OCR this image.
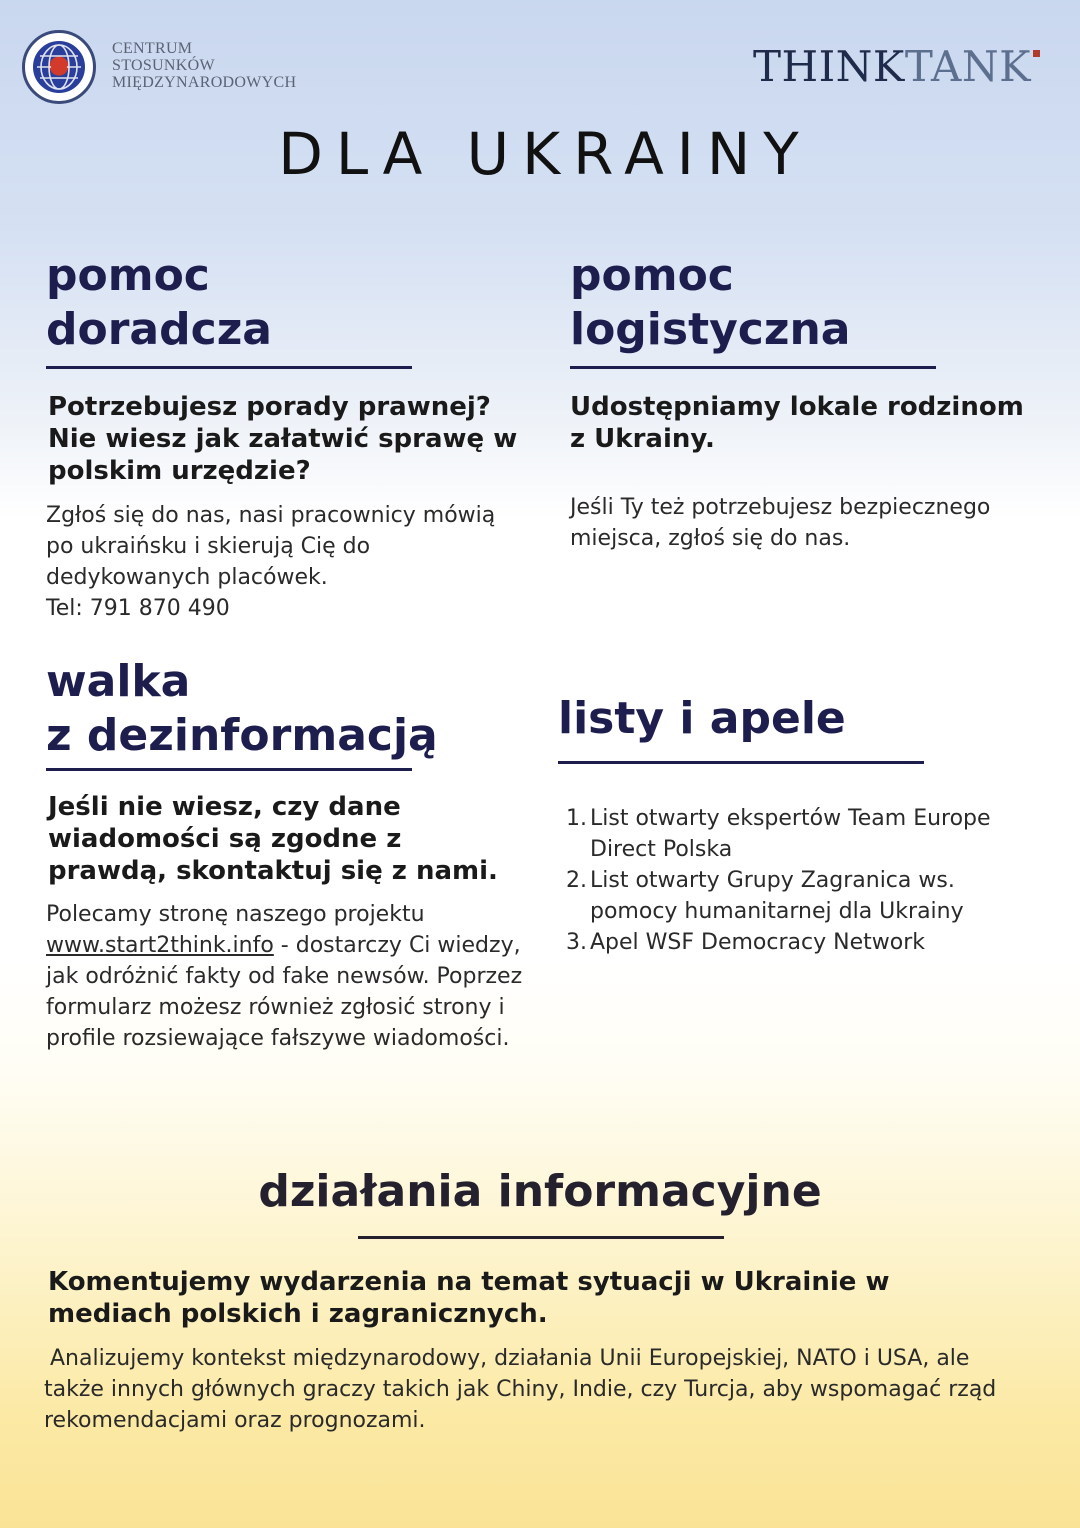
CENTRUM
STOSUNKÓW
MIĘDZYNARODOWYCH	THINKTANK
DLA UKRAINY
pomoc
doradcza
Potrzebujesz porady prawnej? Nie wiesz jak załatwić sprawę w polskim urzędzie?
Zgłoś się do nas, nasi pracownicy mówią po ukraińsku i skierują Cię do dedykowanych placówek.
Tel: 791 870 490
pomoc
logistyczna
Udostępniamy lokale rodzinom z Ukrainy.
Jeśli Ty też potrzebujesz bezpiecznego miejsca, zgłoś się do nas.
walka
z dezinformacją
Jeśli nie wiesz, czy dane wiadomości są zgodne z prawdą, skontaktuj się z nami.
Polecamy stronę naszego projektu
www.start2think.info - dostarczy Ci wiedzy, jak odróżnić fakty od fake newsów. Poprzez formularz możesz również zgłosić strony i profile rozsiewające fałszywe wiadomości.
listy i apele
1. List otwarty ekspertów Team Europe Direct Polska
2. List otwarty Grupy Zagranica ws. pomocy humanitarnej dla Ukrainy
3. Apel WSF Democracy Network
działania informacyjne
Komentujemy wydarzenia na temat sytuacji w Ukrainie w mediach polskich i zagranicznych.
Analizujemy kontekst międzynarodowy, działania Unii Europejskiej, NATO i USA, ale także innych głównych graczy takich jak Chiny, Indie, czy Turcja, aby wspomagać rząd rekomendacjami oraz prognozami.
